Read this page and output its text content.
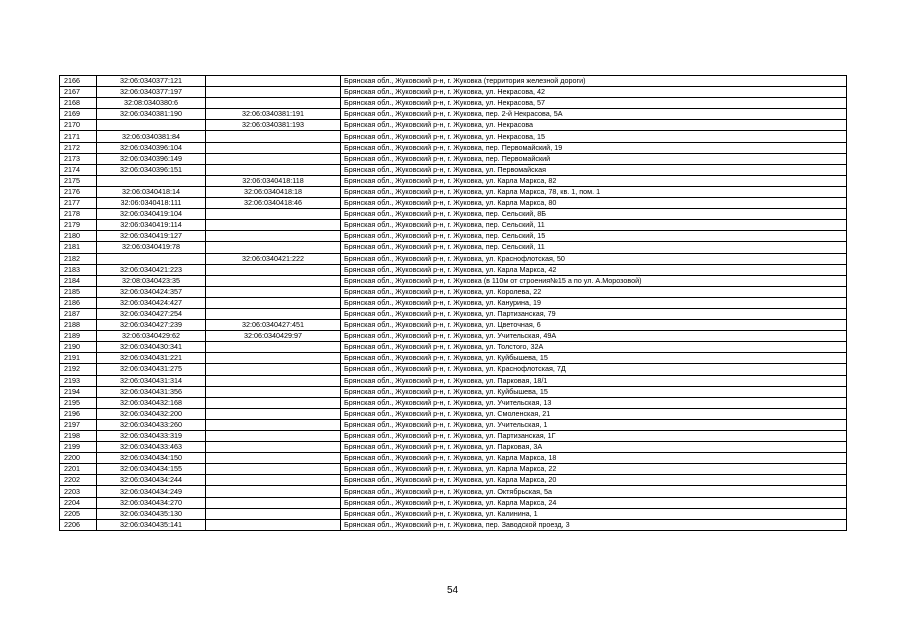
2166	32:06:0340377:121		Брянская обл., Жуковский р-н, г. Жуковка (территория железной дороги)
2167	32:06:0340377:197		Брянская обл., Жуковский р-н, г. Жуковка, ул. Некрасова, 42
2168	32:08:0340380:6		Брянская обл., Жуковский р-н, г. Жуковка, ул. Некрасова, 57
2169	32:06:0340381:190	32:06:0340381:191	Брянская обл., Жуковский р-н, г. Жуковка, пер. 2-й Некрасова, 5А
2170		32:06:0340381:193	Брянская обл., Жуковский р-н, г. Жуковка, ул. Некрасова
2171	32:06:0340381:84		Брянская обл., Жуковский р-н, г. Жуковка, ул. Некрасова, 15
2172	32:06:0340396:104		Брянская обл., Жуковский р-н, г. Жуковка, пер. Первомайский, 19
2173	32:06:0340396:149		Брянская обл., Жуковский р-н, г. Жуковка, пер. Первомайский
2174	32:06:0340396:151		Брянская обл., Жуковский р-н, г. Жуковка, ул. Первомайская
2175		32:06:0340418:118	Брянская обл., Жуковский р-н, г. Жуковка, ул. Карла Маркса, 82
2176	32:06:0340418:14	32:06:0340418:18	Брянская обл., Жуковский р-н, г. Жуковка, ул. Карла Маркса, 78, кв. 1, пом. 1
2177	32:06:0340418:111	32:06:0340418:46	Брянская обл., Жуковский р-н, г. Жуковка, ул. Карла Маркса, 80
2178	32:06:0340419:104		Брянская обл., Жуковский р-н, г. Жуковка, пер. Сельский, 8Б
2179	32:06:0340419:114		Брянская обл., Жуковский р-н, г. Жуковка, пер. Сельский, 11
2180	32:06:0340419:127		Брянская обл., Жуковский р-н, г. Жуковка, пер. Сельский, 15
2181	32:06:0340419:78		Брянская обл., Жуковский р-н, г. Жуковка, пер. Сельский, 11
2182		32:06:0340421:222	Брянская обл., Жуковский р-н, г. Жуковка, ул. Краснофлотская, 50
2183	32:06:0340421:223		Брянская обл., Жуковский р-н, г. Жуковка, ул. Карла Маркса, 42
2184	32:08:0340423:35		Брянская обл., Жуковский р-н, г. Жуковка (в 110м от строения№15 а по ул. А.Морозовой)
2185	32:06:0340424:357		Брянская обл., Жуковский р-н, г. Жуковка, ул. Королева, 22
2186	32:06:0340424:427		Брянская обл., Жуковский р-н, г. Жуковка, ул. Канурина, 19
2187	32:06:0340427:254		Брянская обл., Жуковский р-н, г. Жуковка, ул. Партизанская, 79
2188	32:06:0340427:239	32:06:0340427:451	Брянская обл., Жуковский р-н, г. Жуковка, ул. Цветочная, 6
2189	32:06:0340429:62	32:06:0340429:97	Брянская обл., Жуковский р-н, г. Жуковка, ул. Учительская, 49А
2190	32:06:0340430:341		Брянская обл., Жуковский р-н, г. Жуковка, ул. Толстого, 32А
2191	32:06:0340431:221		Брянская обл., Жуковский р-н, г. Жуковка, ул. Куйбышева, 15
2192	32:06:0340431:275		Брянская обл., Жуковский р-н, г. Жуковка, ул. Краснофлотская, 7Д
2193	32:06:0340431:314		Брянская обл., Жуковский р-н, г. Жуковка, ул. Парковая, 18/1
2194	32:06:0340431:356		Брянская обл., Жуковский р-н, г. Жуковка, ул. Куйбышева, 15
2195	32:06:0340432:168		Брянская обл., Жуковский р-н, г. Жуковка, ул. Учительская, 13
2196	32:06:0340432:200		Брянская обл., Жуковский р-н, г. Жуковка, ул. Смоленская, 21
2197	32:06:0340433:260		Брянская обл., Жуковский р-н, г. Жуковка, ул. Учительская, 1
2198	32:06:0340433:319		Брянская обл., Жуковский р-н, г. Жуковка, ул. Партизанская, 1Г
2199	32:06:0340433:463		Брянская обл., Жуковский р-н, г. Жуковка, ул. Парковая, 3А
2200	32:06:0340434:150		Брянская обл., Жуковский р-н, г. Жуковка, ул. Карла Маркса, 18
2201	32:06:0340434:155		Брянская обл., Жуковский р-н, г. Жуковка, ул. Карла Маркса, 22
2202	32:06:0340434:244		Брянская обл., Жуковский р-н, г. Жуковка, ул. Карла Маркса, 20
2203	32:06:0340434:249		Брянская обл., Жуковский р-н, г. Жуковка, ул. Октябрьская, 5а
2204	32:06:0340434:270		Брянская обл., Жуковский р-н, г. Жуковка, ул. Карла Маркса, 24
2205	32:06:0340435:130		Брянская обл., Жуковский р-н, г. Жуковка, ул. Калинина, 1
2206	32:06:0340435:141		Брянская обл., Жуковский р-н, г. Жуковка, пер. Заводской проезд, 3
54
